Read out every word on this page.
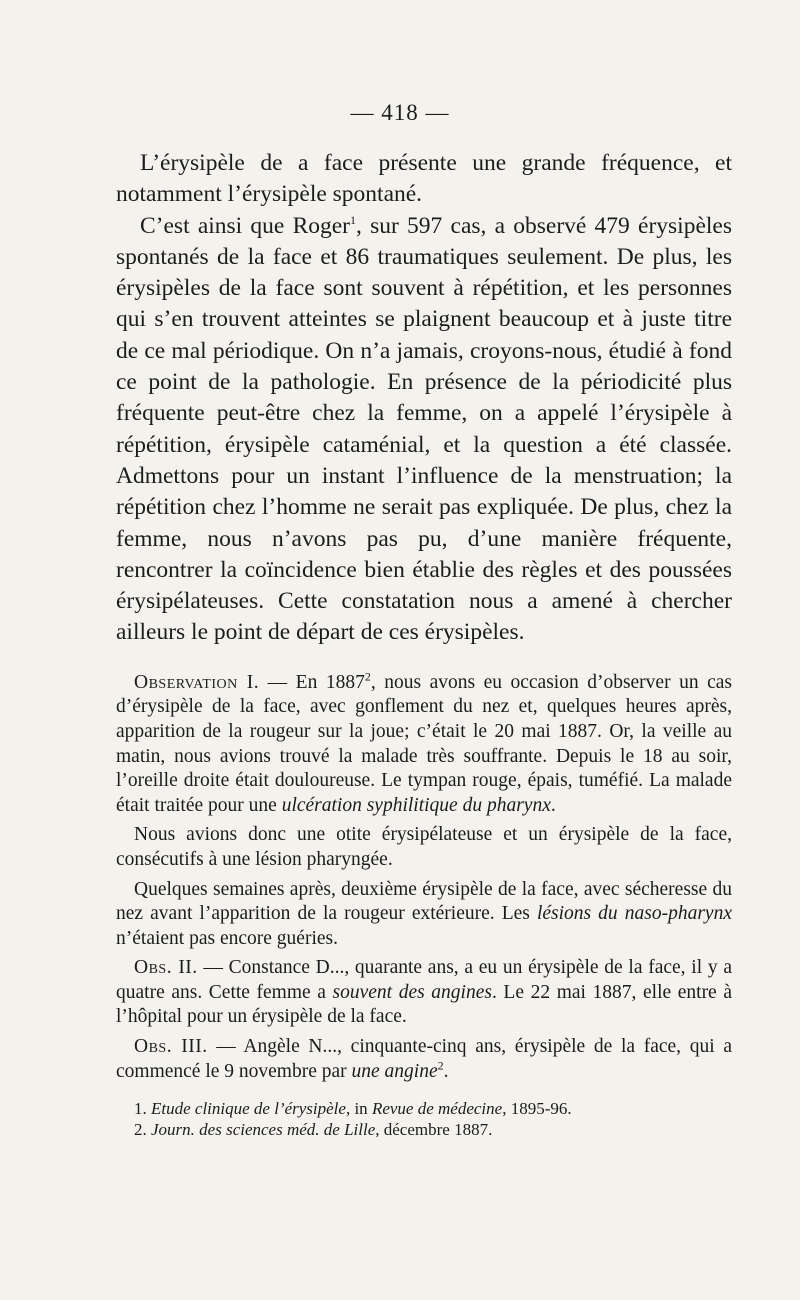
— 418 —

L’érysipèle de a face présente une grande fréquence, et notamment l’érysipèle spontané.

C’est ainsi que Roger$^1$, sur 597 cas, a observé 479 érysipèles spontanés de la face et 86 traumatiques seulement. De plus, les érysipèles de la face sont souvent à répétition, et les personnes qui s’en trouvent atteintes se plaignent beaucoup et à juste titre de ce mal périodique. On n’a jamais, croyons-nous, étudié à fond ce point de la pathologie. En présence de la périodicité plus fréquente peut-être chez la femme, on a appelé l’érysipèle à répétition, érysipèle cataménial, et la question a été classée. Admettons pour un instant l’influence de la menstruation; la répétition chez l’homme ne serait pas expliquée. De plus, chez la femme, nous n’avons pas pu, d’une manière fréquente, rencontrer la coïncidence bien établie des règles et des poussées érysipélateuses. Cette constatation nous a amené à chercher ailleurs le point de départ de ces érysipèles.

Observation I. — En 1887$^2$, nous avons eu occasion d’observer un cas d’érysipèle de la face, avec gonflement du nez et, quelques heures après, apparition de la rougeur sur la joue; c’était le 20 mai 1887. Or, la veille au matin, nous avions trouvé la malade très souffrante. Depuis le 18 au soir, l’oreille droite était douloureuse. Le tympan rouge, épais, tuméfié. La malade était traitée pour une ulcération syphilitique du pharynx.

Nous avions donc une otite érysipélateuse et un érysipèle de la face, consécutifs à une lésion pharyngée.

Quelques semaines après, deuxième érysipèle de la face, avec sécheresse du nez avant l’apparition de la rougeur extérieure. Les lésions du naso-pharynx n’étaient pas encore guéries.

Obs. II. — Constance D..., quarante ans, a eu un érysipèle de la face, il y a quatre ans. Cette femme a souvent des angines. Le 22 mai 1887, elle entre à l’hôpital pour un érysipèle de la face.

Obs. III. — Angèle N..., cinquante-cinq ans, érysipèle de la face, qui a commencé le 9 novembre par une angine$^2$.

1. Etude clinique de l’érysipèle, in Revue de médecine, 1895-96.

2. Journ. des sciences méd. de Lille, décembre 1887.
